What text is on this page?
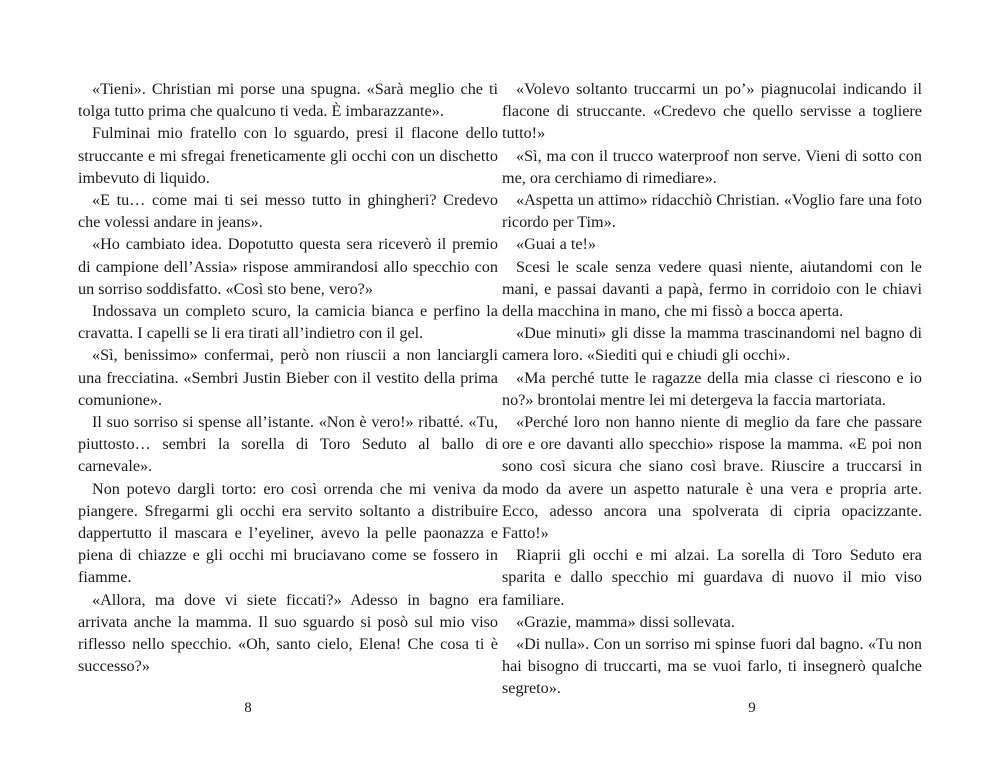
«Tieni». Christian mi porse una spugna. «Sarà meglio che ti tolga tutto prima che qualcuno ti veda. È imbarazzante».

Fulminai mio fratello con lo sguardo, presi il flacone dello struccante e mi sfregai freneticamente gli occhi con un dischetto imbevuto di liquido.

«E tu… come mai ti sei messo tutto in ghingheri? Credevo che volessi andare in jeans».

«Ho cambiato idea. Dopotutto questa sera riceverò il premio di campione dell’Assia» rispose ammirandosi allo specchio con un sorriso soddisfatto. «Così sto bene, vero?»

Indossava un completo scuro, la camicia bianca e perfino la cravatta. I capelli se li era tirati all’indietro con il gel.

«Sì, benissimo» confermai, però non riuscii a non lanciargli una frecciatina. «Sembri Justin Bieber con il vestito della prima comunione».

Il suo sorriso si spense all’istante. «Non è vero!» ribatté. «Tu, piuttosto… sembri la sorella di Toro Seduto al ballo di carnevale».

Non potevo dargli torto: ero così orrenda che mi veniva da piangere. Sfregarmi gli occhi era servito soltanto a distribuire dappertutto il mascara e l’eyeliner, avevo la pelle paonazza e piena di chiazze e gli occhi mi bruciavano come se fossero in fiamme.

«Allora, ma dove vi siete ficcati?» Adesso in bagno era arrivata anche la mamma. Il suo sguardo si posò sul mio viso riflesso nello specchio. «Oh, santo cielo, Elena! Che cosa ti è successo?»

8

«Volevo soltanto truccarmi un po’» piagnucolai indicando il flacone di struccante. «Credevo che quello servisse a togliere tutto!»

«Sì, ma con il trucco waterproof non serve. Vieni di sotto con me, ora cerchiamo di rimediare».

«Aspetta un attimo» ridacchiò Christian. «Voglio fare una foto ricordo per Tim».

«Guai a te!»

Scesi le scale senza vedere quasi niente, aiutandomi con le mani, e passai davanti a papà, fermo in corridoio con le chiavi della macchina in mano, che mi fissò a bocca aperta.

«Due minuti» gli disse la mamma trascinandomi nel bagno di camera loro. «Siediti qui e chiudi gli occhi».

«Ma perché tutte le ragazze della mia classe ci riescono e io no?» brontolai mentre lei mi detergeva la faccia martoriata.

«Perché loro non hanno niente di meglio da fare che passare ore e ore davanti allo specchio» rispose la mamma. «E poi non sono così sicura che siano così brave. Riuscire a truccarsi in modo da avere un aspetto naturale è una vera e propria arte. Ecco, adesso ancora una spolverata di cipria opacizzante. Fatto!»

Riaprii gli occhi e mi alzai. La sorella di Toro Seduto era sparita e dallo specchio mi guardava di nuovo il mio viso familiare.

«Grazie, mamma» dissi sollevata.

«Di nulla». Con un sorriso mi spinse fuori dal bagno. «Tu non hai bisogno di truccarti, ma se vuoi farlo, ti insegnerò qualche segreto».

9
